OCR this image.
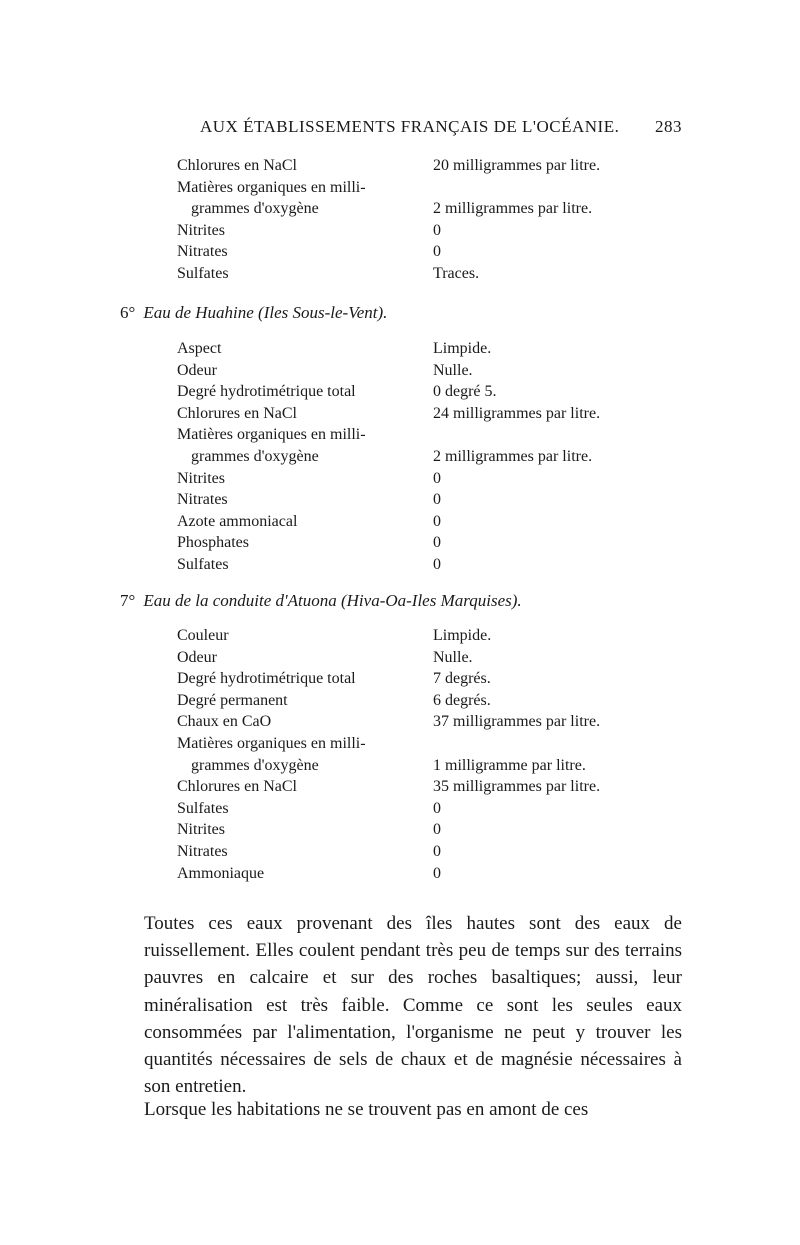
AUX ÉTABLISSEMENTS FRANÇAIS DE L'OCÉANIE. 283
Chlorures en NaCl . . .	20 milligrammes par litre.
Matières organiques en milli-
grammes d'oxygène . . .	2 milligrammes par litre.
Nitrites . . .	0
Nitrates . . .	0
Sulfates . . .	Traces.
6° Eau de Huahine (Iles Sous-le-Vent).
Aspect . . .	Limpide.
Odeur . . .	Nulle.
Degré hydrotimétrique total . . .	0 degré 5.
Chlorures en NaCl . . .	24 milligrammes par litre.
Matières organiques en milli-
grammes d'oxygène . . .	2 milligrammes par litre.
Nitrites . . .	0
Nitrates . . .	0
Azote ammoniacal . . .	0
Phosphates . . .	0
Sulfates . . .	0
7° Eau de la conduite d'Atuona (Hiva-Oa-Iles Marquises).
Couleur . . .	Limpide.
Odeur . . .	Nulle.
Degré hydrotimétrique total . . .	7 degrés.
Degré permanent . . .	6 degrés.
Chaux en CaO . . .	37 milligrammes par litre.
Matières organiques en milli-
grammes d'oxygène . . .	1 milligramme par litre.
Chlorures en NaCl . . .	35 milligrammes par litre.
Sulfates . . .	0
Nitrites . . .	0
Nitrates . . .	0
Ammoniaque . . .	0

Toutes ces eaux provenant des îles hautes sont des eaux de ruissellement. Elles coulent pendant très peu de temps sur des terrains pauvres en calcaire et sur des roches basaltiques; aussi, leur minéralisation est très faible. Comme ce sont les seules eaux consommées par l'alimentation, l'organisme ne peut y trouver les quantités nécessaires de sels de chaux et de magnésie nécessaires à son entretien.

Lorsque les habitations ne se trouvent pas en amont de ces
